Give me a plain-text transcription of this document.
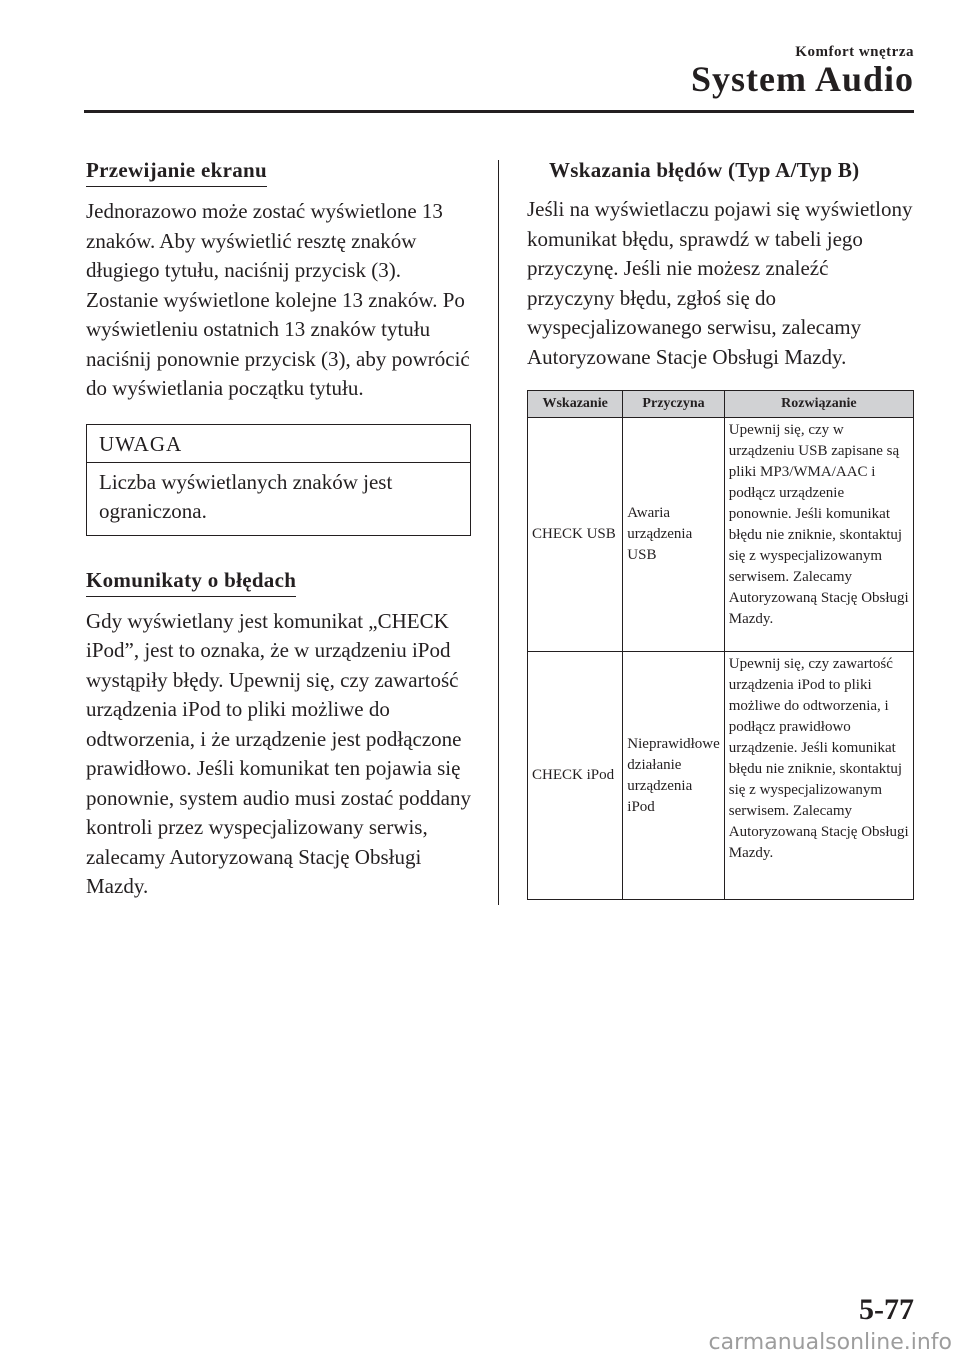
Komfort wnętrza
System Audio
Przewijanie ekranu

Jednorazowo może zostać wyświetlone 13 znaków. Aby wyświetlić resztę znaków długiego tytułu, naciśnij przycisk (3). Zostanie wyświetlone kolejne 13 znaków. Po wyświetleniu ostatnich 13 znaków tytułu naciśnij ponownie przycisk (3), aby powrócić do wyświetlania początku tytułu.

UWAGA
Liczba wyświetlanych znaków jest ograniczona.
Komunikaty o błędach

Gdy wyświetlany jest komunikat „CHECK iPod”, jest to oznaka, że w urządzeniu iPod wystąpiły błędy. Upewnij się, czy zawartość urządzenia iPod to pliki możliwe do odtworzenia, i że urządzenie jest podłączone prawidłowo. Jeśli komunikat ten pojawia się ponownie, system audio musi zostać poddany kontroli przez wyspecjalizowany serwis, zalecamy Autoryzowaną Stację Obsługi Mazdy.

Wskazania błędów (Typ A/Typ B)

Jeśli na wyświetlaczu pojawi się wyświetlony komunikat błędu, sprawdź w tabeli jego przyczynę. Jeśli nie możesz znaleźć przyczyny błędu, zgłoś się do wyspecjalizowanego serwisu, zalecamy Autoryzowane Stacje Obsługi Mazdy.

Wskazanie	Przyczyna	Rozwiązanie
CHECK USB	Awaria urządzenia USB	Upewnij się, czy w urządzeniu USB zapisane są pliki MP3/WMA/AAC i podłącz urządzenie ponownie. Jeśli komunikat błędu nie zniknie, skontaktuj się z wyspecjalizowanym serwisem. Zalecamy Autoryzowaną Stację Obsługi Mazdy.
CHECK iPod	Nieprawidłowe działanie urządzenia iPod	Upewnij się, czy zawartość urządzenia iPod to pliki możliwe do odtworzenia, i podłącz prawidłowo urządzenie. Jeśli komunikat błędu nie zniknie, skontaktuj się z wyspecjalizowanym serwisem. Zalecamy Autoryzowaną Stację Obsługi Mazdy.
5-77
carmanualsonline.info
